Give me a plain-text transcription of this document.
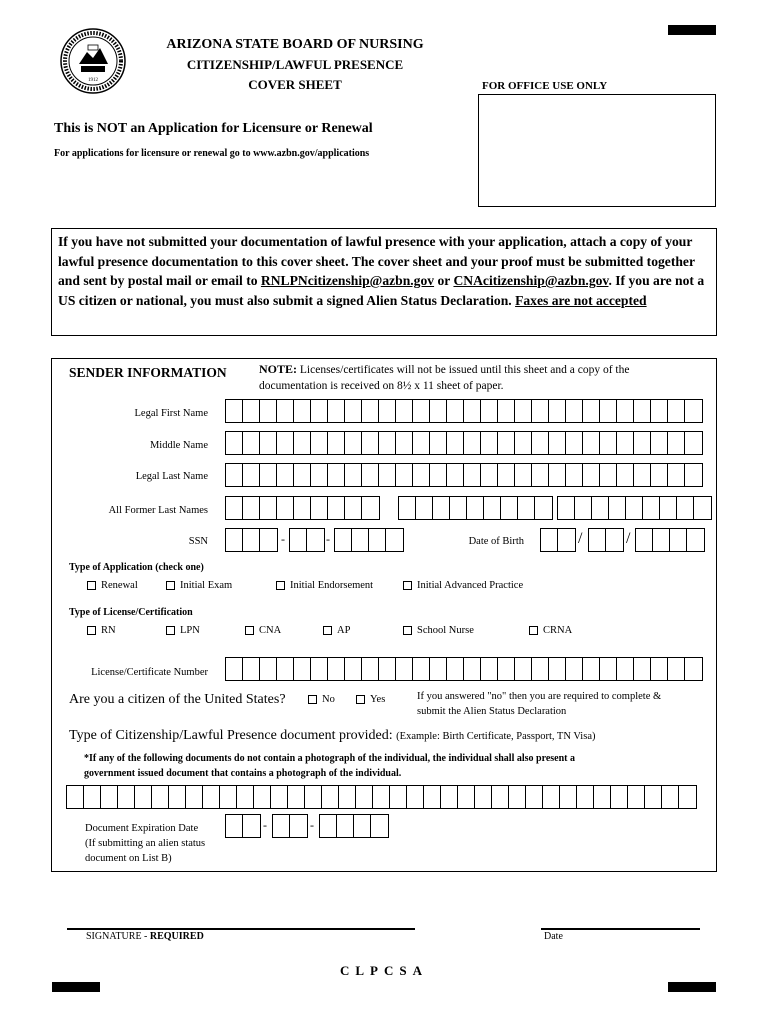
1912
ARIZONA STATE BOARD OF NURSING
CITIZENSHIP/LAWFUL PRESENCE
COVER SHEET	FOR OFFICE USE ONLY
This is NOT an Application for Licensure or Renewal
For applications for licensure or renewal go to www.azbn.gov/applications
If you have not submitted your documentation of lawful presence with your application, attach a copy of your lawful presence documentation to this cover sheet. The cover sheet and your proof must be submitted together and sent by postal mail or email to RNLPNcitizenship@azbn.gov or CNAcitizenship@azbn.gov. If you are not a US citizen or national, you must also submit a signed Alien Status Declaration. Faxes are not accepted
SENDER INFORMATION	NOTE: Licenses/certificates will not be issued until this sheet and a copy of the documentation is received on 8½ x 11 sheet of paper.
Legal First Name
Middle Name
Legal Last Name
All Former Last Names
SSN	-	-	Date of Birth	/	/
Type of Application (check one)
Renewal	Initial Exam	Initial Endorsement	Initial Advanced Practice
Type of License/Certification
RN	LPN	CNA	AP	School Nurse	CRNA
License/Certificate Number
Are you a citizen of the United States?	No	Yes	If you answered "no" then you are required to complete &
submit the Alien Status Declaration
Type of Citizenship/Lawful Presence document provided: (Example: Birth Certificate, Passport, TN Visa)
*If any of the following documents do not contain a photograph of the individual, the individual shall also present a
government issued document that contains a photograph of the individual.
Document Expiration Date
(If submitting an alien status
document on List B)
-	-
SIGNATURE - REQUIRED	Date
CLPCSA
